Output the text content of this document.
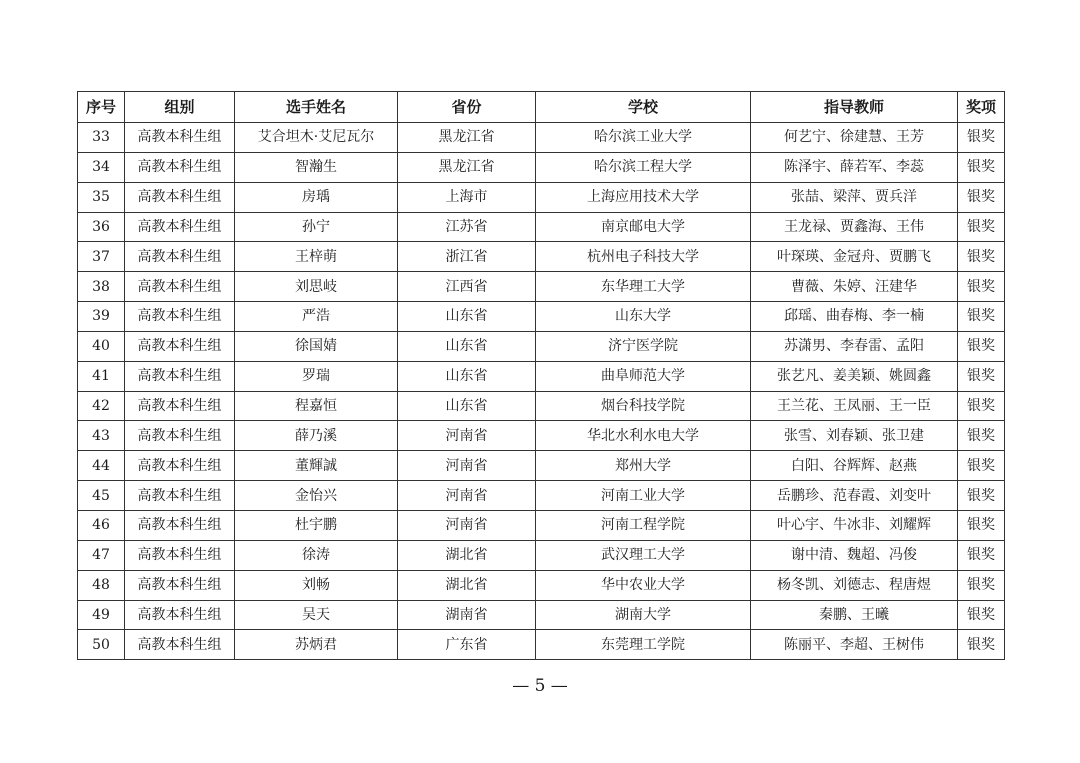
序号	组别	选手姓名	省份	学校	指导教师	奖项
33	高教本科生组	艾合坦木·艾尼瓦尔	黑龙江省	哈尔滨工业大学	何艺宁、徐建慧、王芳	银奖
34	高教本科生组	智瀚生	黑龙江省	哈尔滨工程大学	陈泽宇、薛若军、李蕊	银奖
35	高教本科生组	房瑀	上海市	上海应用技术大学	张喆、梁萍、贾兵洋	银奖
36	高教本科生组	孙宁	江苏省	南京邮电大学	王龙禄、贾鑫海、王伟	银奖
37	高教本科生组	王梓萌	浙江省	杭州电子科技大学	叶琛瑛、金冠舟、贾鹏飞	银奖
38	高教本科生组	刘思岐	江西省	东华理工大学	曹薇、朱婷、汪建华	银奖
39	高教本科生组	严浩	山东省	山东大学	邱瑶、曲春梅、李一楠	银奖
40	高教本科生组	徐国婧	山东省	济宁医学院	苏潇男、李春雷、孟阳	银奖
41	高教本科生组	罗瑞	山东省	曲阜师范大学	张艺凡、姜美颖、姚圆鑫	银奖
42	高教本科生组	程嘉恒	山东省	烟台科技学院	王兰花、王凤丽、王一臣	银奖
43	高教本科生组	薛乃溪	河南省	华北水利水电大学	张雪、刘春颖、张卫建	银奖
44	高教本科生组	董輝誠	河南省	郑州大学	白阳、谷辉辉、赵燕	银奖
45	高教本科生组	金怡兴	河南省	河南工业大学	岳鹏珍、范春霞、刘变叶	银奖
46	高教本科生组	杜宇鹏	河南省	河南工程学院	叶心宇、牛冰非、刘耀辉	银奖
47	高教本科生组	徐涛	湖北省	武汉理工大学	谢中清、魏超、冯俊	银奖
48	高教本科生组	刘畅	湖北省	华中农业大学	杨冬凯、刘德志、程唐煜	银奖
49	高教本科生组	吴天	湖南省	湖南大学	秦鹏、王曦	银奖
50	高教本科生组	苏炳君	广东省	东莞理工学院	陈丽平、李超、王树伟	银奖
— 5 —
